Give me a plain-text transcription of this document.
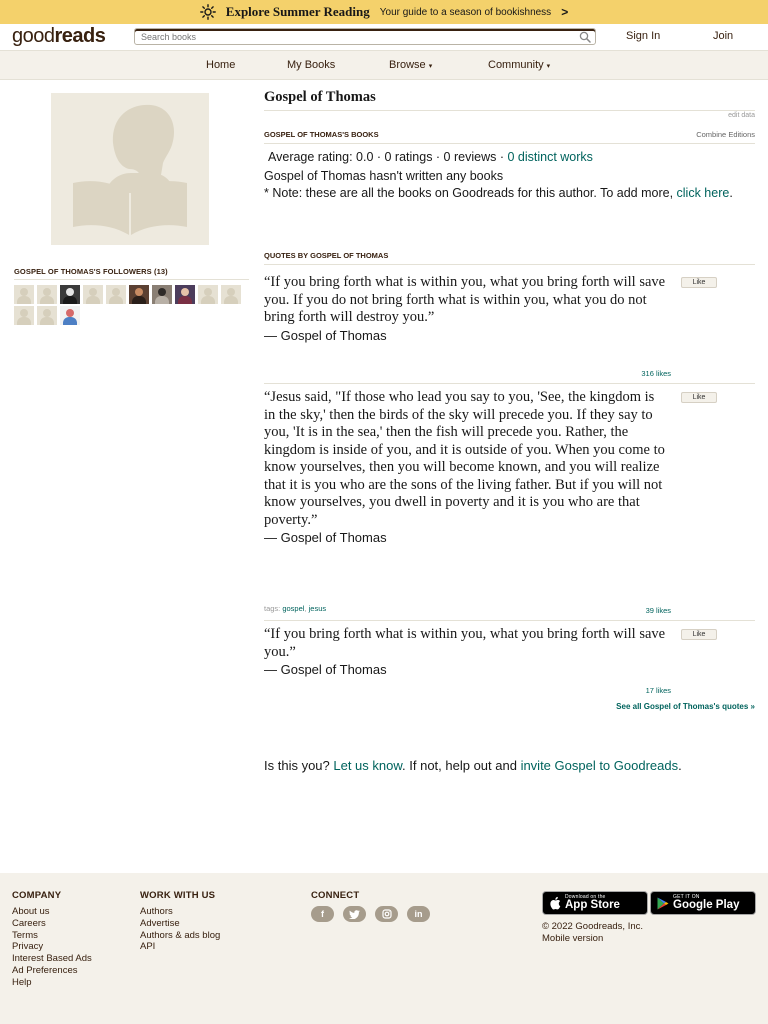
Explore Summer Reading Your guide to a season of bookishness >
goodreads
Search books	Sign In	Join
Home	My Books	Browse ▾	Community ▾
GOSPEL OF THOMAS'S FOLLOWERS (13)
Gospel of Thomas
edit data
GOSPEL OF THOMAS'S BOOKS	Combine Editions
Average rating: 0.0 · 0 ratings · 0 reviews · 0 distinct works
Gospel of Thomas hasn't written any books
* Note: these are all the books on Goodreads for this author. To add more, click here.
QUOTES BY GOSPEL OF THOMAS
“If you bring forth what is within you, what you bring forth will save you. If you do not bring forth what is within you, what you do not bring forth will destroy you.”
― Gospel of Thomas
Like
316 likes
“Jesus said, "If those who lead you say to you, 'See, the kingdom is in the sky,' then the birds of the sky will precede you. If they say to you, 'It is in the sea,' then the fish will precede you. Rather, the kingdom is inside of you, and it is outside of you. When you come to know yourselves, then you will become known, and you will realize that it is you who are the sons of the living father. But if you will not know yourselves, you dwell in poverty and it is you who are that poverty.”
― Gospel of Thomas
Like
tags: gospel, jesus	39 likes
“If you bring forth what is within you, what you bring forth will save you.”
― Gospel of Thomas
Like
17 likes
See all Gospel of Thomas's quotes »
Is this you? Let us know. If not, help out and invite Gospel to Goodreads.
COMPANY
About us
Careers
Terms
Privacy
Interest Based Ads
Ad Preferences
Help
WORK WITH US
Authors
Advertise
Authors & ads blog
API
CONNECT
f	in
Download on the
App Store
GET IT ON
Google Play
© 2022 Goodreads, Inc.
Mobile version
